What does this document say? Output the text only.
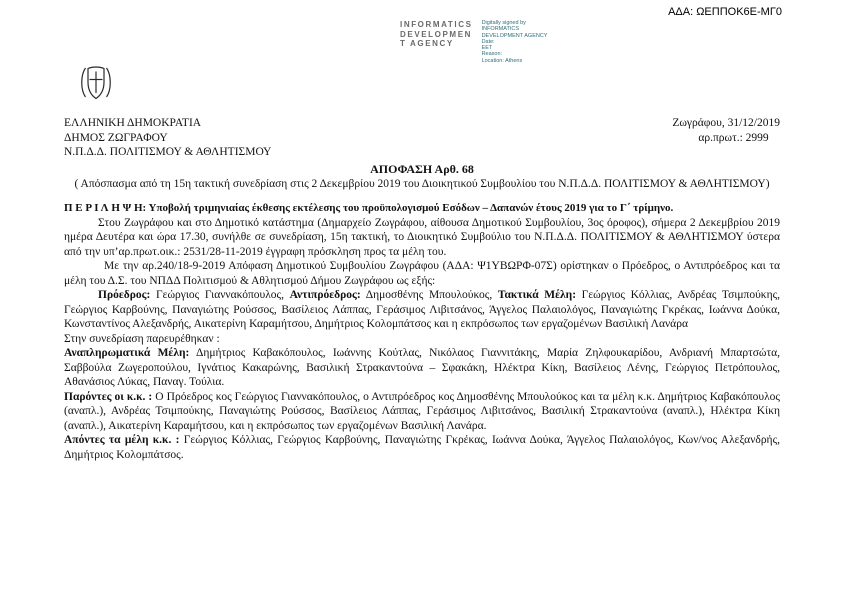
ΑΔΑ: ΩΕΠΠΟΚ6Ε-ΜΓ0
INFORMATICS
DEVELOPMEN
T AGENCY
Digitally signed by
INFORMATICS
DEVELOPMENT AGENCY
Date:
EET
Reason:
Location: Athens
ΕΛΛΗΝΙΚΗ ΔΗΜΟΚΡΑΤΙΑ
ΔΗΜΟΣ ΖΩΓΡΑΦΟΥ
Ν.Π.Δ.Δ. ΠΟΛΙΤΙΣΜΟΥ & ΑΘΛΗΤΙΣΜΟΥ
Ζωγράφου, 31/12/2019
αρ.πρωτ.: 2999
ΑΠΟΦΑΣΗ Αρθ. 68
( Απόσπασμα από τη 15η τακτική συνεδρίαση στις 2 Δεκεμβρίου 2019 του Διοικητικού Συμβουλίου του Ν.Π.Δ.Δ. ΠΟΛΙΤΙΣΜΟΥ & ΑΘΛΗΤΙΣΜΟΥ)

Π Ε Ρ Ι Λ Η Ψ Η: Υποβολή τριμηνιαίας έκθεσης εκτέλεσης του προϋπολογισμού Εσόδων – Δαπανών έτους 2019 για το Γ΄ τρίμηνο.

Στου Ζωγράφου και στο Δημοτικό κατάστημα (Δημαρχείο Ζωγράφου, αίθουσα Δημοτικού Συμβουλίου, 3ος όροφος), σήμερα 2 Δεκεμβρίου 2019 ημέρα Δευτέρα και ώρα 17.30, συνήλθε σε συνεδρίαση, 15η τακτική, το Διοικητικό Συμβούλιο του Ν.Π.Δ.Δ. ΠΟΛΙΤΙΣΜΟΥ & ΑΘΛΗΤΙΣΜΟΥ ύστερα από την υπ’αρ.πρωτ.οικ.: 2531/28-11-2019 έγγραφη πρόσκληση προς τα μέλη του.

Με την αρ.240/18-9-2019 Απόφαση Δημοτικού Συμβουλίου Ζωγράφου (ΑΔΑ: Ψ1ΥΒΩΡΦ-07Σ) ορίστηκαν ο Πρόεδρος, ο Αντιπρόεδρος και τα μέλη του Δ.Σ. του ΝΠΔΔ Πολιτισμού & Αθλητισμού Δήμου Ζωγράφου ως εξής:

Πρόεδρος: Γεώργιος Γιαννακόπουλος, Αντιπρόεδρος: Δημοσθένης Μπουλούκος, Τακτικά Μέλη: Γεώργιος Κόλλιας, Ανδρέας Τσιμπούκης, Γεώργιος Καρβούνης, Παναγιώτης Ρούσσος, Βασίλειος Λάππας, Γεράσιμος Λιβιτσάνος, Άγγελος Παλαιολόγος, Παναγιώτης Γκρέκας, Ιωάννα Δούκα, Κωνσταντίνος Αλεξανδρής, Αικατερίνη Καραμήτσου, Δημήτριος Κολομπάτσος και η εκπρόσωπος των εργαζομένων Βασιλική Λανάρα

Στην συνεδρίαση παρευρέθηκαν :

Αναπληρωματικά Μέλη: Δημήτριος Καβακόπουλος, Ιωάννης Κούτλας, Νικόλαος Γιαννιτάκης, Μαρία Ζηλφουκαρίδου, Ανδριανή Μπαρτσώτα, Σαββούλα Ζωγεροπούλου, Ιγνάτιος Κακαρώνης, Βασιλική Στρακαντούνα – Σφακάκη, Ηλέκτρα Κίκη, Βασίλειος Λένης, Γεώργιος Πετρόπουλος, Αθανάσιος Λύκας, Παναγ. Τούλια.

Παρόντες οι κ.κ. : Ο Πρόεδρος κος Γεώργιος Γιαννακόπουλος, ο Αντιπρόεδρος κος Δημοσθένης Μπουλούκος και τα μέλη κ.κ. Δημήτριος Καβακόπουλος (αναπλ.), Ανδρέας Τσιμπούκης, Παναγιώτης Ρούσσος, Βασίλειος Λάππας, Γεράσιμος Λιβιτσάνος, Βασιλική Στρακαντούνα (αναπλ.), Ηλέκτρα Κίκη (αναπλ.), Αικατερίνη Καραμήτσου, και η εκπρόσωπος των εργαζομένων Βασιλική Λανάρα.

Απόντες τα μέλη κ.κ. : Γεώργιος Κόλλιας, Γεώργιος Καρβούνης, Παναγιώτης Γκρέκας, Ιωάννα Δούκα, Άγγελος Παλαιολόγος, Κων/νος Αλεξανδρής, Δημήτριος Κολομπάτσος.
